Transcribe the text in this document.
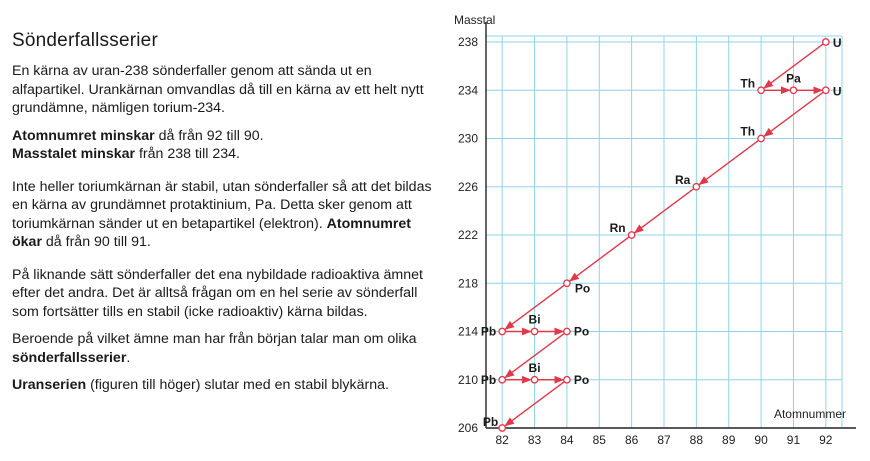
Sönderfallsserier

En kärna av uran-238 sönderfaller genom att sända ut en alfapartikel. Urankärnan omvandlas då till en kärna av ett helt nytt grundämne, nämligen torium-234.

Atomnumret minskar då från 92 till 90.
Masstalet minskar från 238 till 234.

Inte heller toriumkärnan är stabil, utan sönderfaller så att det bildas en kärna av grundämnet protaktinium, Pa. Detta sker genom att toriumkärnan sänder ut en betapartikel (elektron). Atomnumret ökar då från 90 till 91.

På liknande sätt sönderfaller det ena nybildade radioaktiva ämnet efter det andra. Det är alltså frågan om en hel serie av sönderfall som fortsätter tills en stabil (icke radioaktiv) kärna bildas.

Beroende på vilket ämne man har från början talar man om olika sönderfallsserier.

Uranserien (figuren till höger) slutar med en stabil blykärna.

82 83 84 85 86 87 88 89 90 91 92
206
210
214
218
222
226
230
234
238
Masstal
Atomnummer
U
Th	Pa
U
Th
Ra
Rn
Po
Pb
Bi
Po
Pb
Bi
Po
Pb
